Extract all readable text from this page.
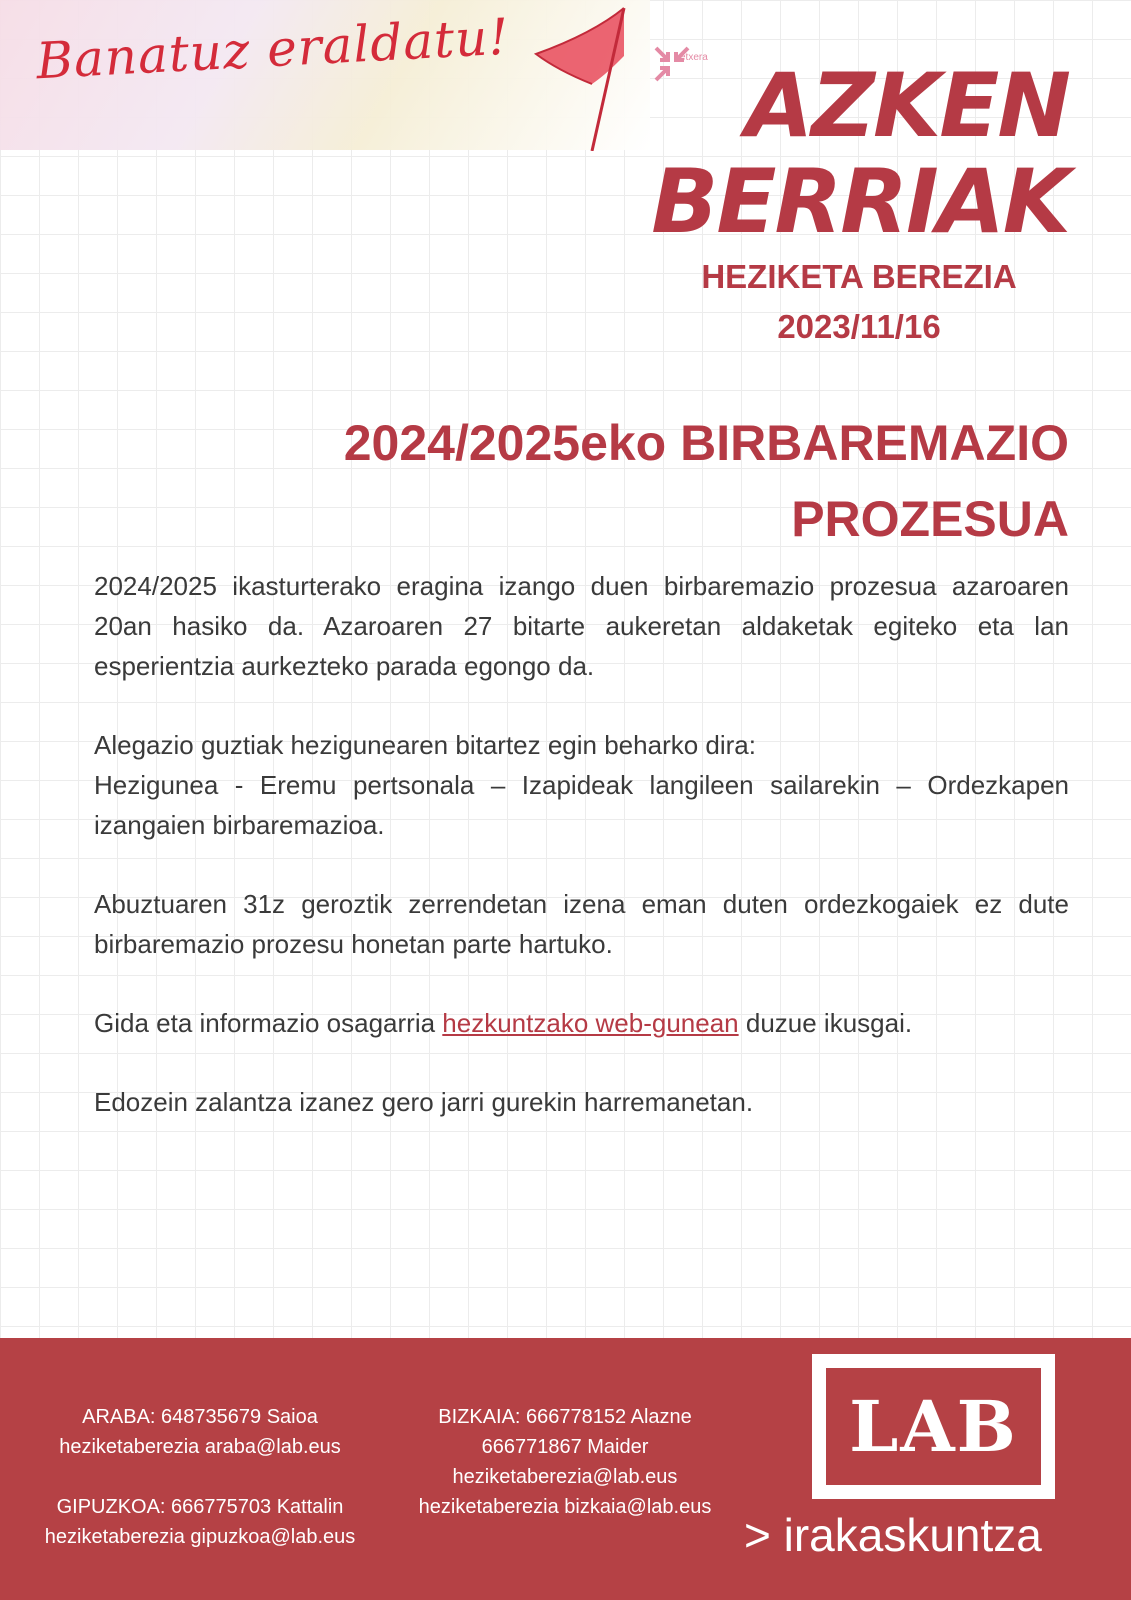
Banatuz eraldatu!	etxera AZKEN
BERRIAK

HEZIKETA BEREZIA

2023/11/16

2024/2025eko BIRBAREMAZIO
PROZESUA

2024/2025 ikasturterako eragina izango duen birbaremazio prozesua azaroaren 20an hasiko da. Azaroaren 27 bitarte aukeretan aldaketak egiteko eta lan esperientzia aurkezteko parada egongo da.

Alegazio guztiak hezigunearen bitartez egin beharko dira:

Hezigunea - Eremu pertsonala – Izapideak langileen sailarekin – Ordezkapen izangaien birbaremazioa.

Abuztuaren 31z geroztik zerrendetan izena eman duten ordezkogaiek ez dute birbaremazio prozesu honetan parte hartuko.

Gida eta informazio osagarria hezkuntzako web-gunean duzue ikusgai.

Edozein zalantza izanez gero jarri gurekin harremanetan.

ARABA: 648735679 Saioa

heziketaberezia araba@lab.eus

GIPUZKOA: 666775703 Kattalin

heziketaberezia gipuzkoa@lab.eus

BIZKAIA: 666778152 Alazne

666771867 Maider

heziketaberezia@lab.eus

heziketaberezia bizkaia@lab.eus

LAB

> irakaskuntza
